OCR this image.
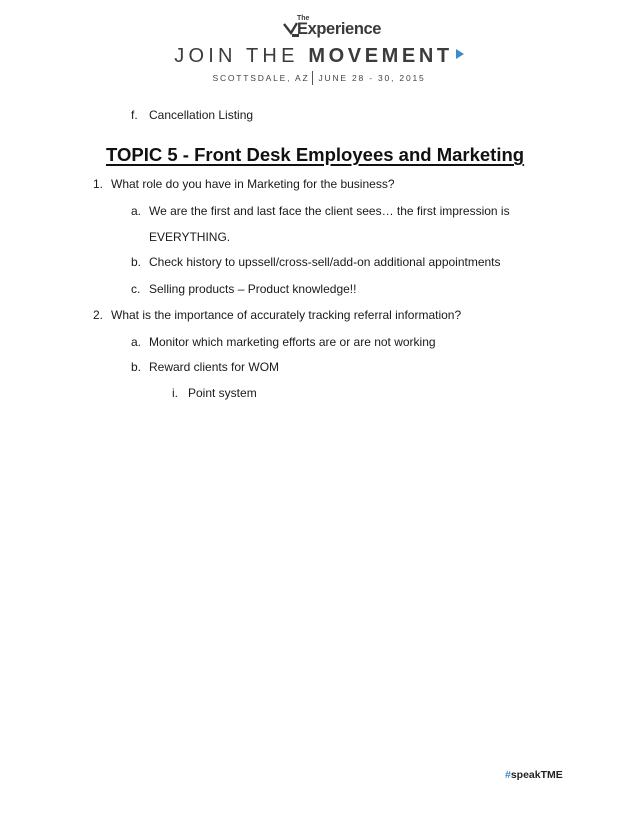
The
Experience
JOIN THE MOVEMENT
SCOTTSDALE, AZ JUNE 28 - 30, 2015
f. Cancellation Listing
TOPIC 5 - Front Desk Employees and Marketing
1. What role do you have in Marketing for the business?
a. We are the first and last face the client sees… the first impression is
EVERYTHING.
b. Check history to upssell/cross-sell/add-on additional appointments
c. Selling products – Product knowledge!!
2. What is the importance of accurately tracking referral information?
a. Monitor which marketing efforts are or are not working
b. Reward clients for WOM
i. Point system
#speakTME
